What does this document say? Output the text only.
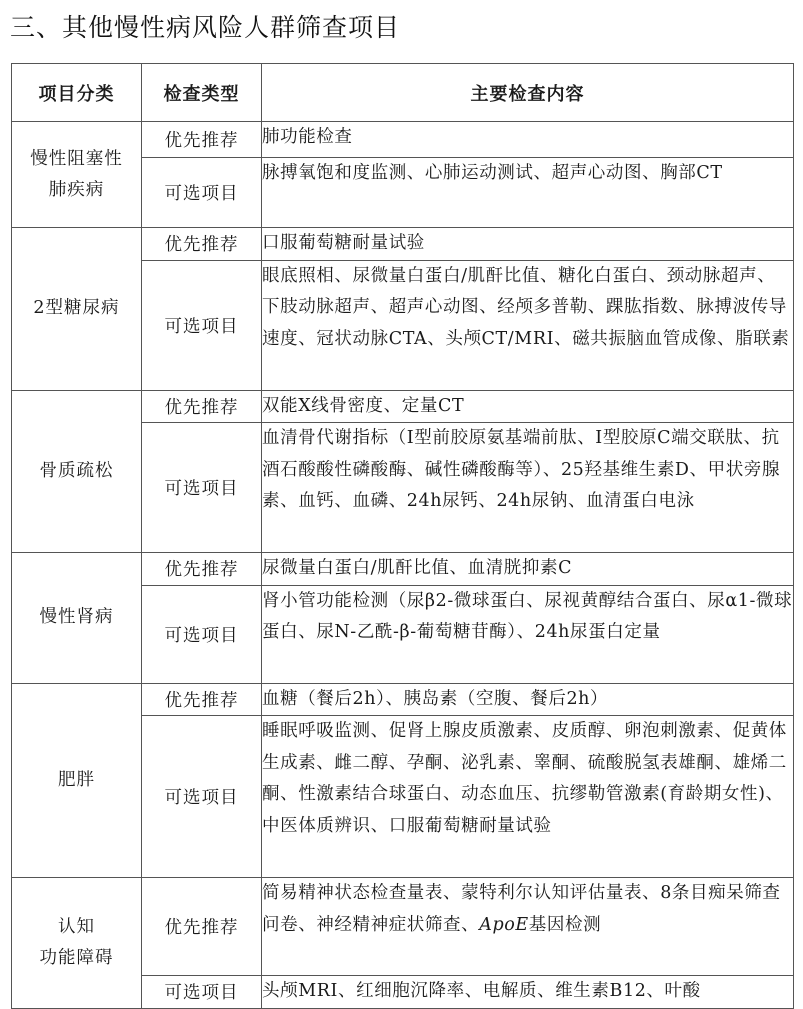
三、其他慢性病风险人群筛查项目
项目分类	检查类型	主要检查内容

慢性阻塞性
肺疾病	优先推荐	肺功能检查
	可选项目	脉搏氧饱和度监测、心肺运动测试、超声心动图、胸部CT

2型糖尿病	优先推荐	口服葡萄糖耐量试验
	可选项目	眼底照相、尿微量白蛋白/肌酐比值、糖化白蛋白、颈动脉超声、下肢动脉超声、超声心动图、经颅多普勒、踝肱指数、脉搏波传导速度、冠状动脉CTA、头颅CT/MRI、磁共振脑血管成像、脂联素

骨质疏松	优先推荐	双能X线骨密度、定量CT
	可选项目	血清骨代谢指标（I型前胶原氨基端前肽、I型胶原C端交联肽、抗酒石酸酸性磷酸酶、碱性磷酸酶等）、25羟基维生素D、甲状旁腺素、血钙、血磷、24h尿钙、24h尿钠、血清蛋白电泳

慢性肾病	优先推荐	尿微量白蛋白/肌酐比值、血清胱抑素C
	可选项目	肾小管功能检测（尿β2-微球蛋白、尿视黄醇结合蛋白、尿α1-微球蛋白、尿N-乙酰-β-葡萄糖苷酶）、24h尿蛋白定量

肥胖	优先推荐	血糖（餐后2h）、胰岛素（空腹、餐后2h）
	可选项目	睡眠呼吸监测、促肾上腺皮质激素、皮质醇、卵泡刺激素、促黄体生成素、雌二醇、孕酮、泌乳素、睾酮、硫酸脱氢表雄酮、雄烯二酮、性激素结合球蛋白、动态血压、抗缪勒管激素(育龄期女性)、中医体质辨识、口服葡萄糖耐量试验

认知
功能障碍	优先推荐	简易精神状态检查量表、蒙特利尔认知评估量表、8条目痴呆筛查问卷、神经精神症状筛查、ApoE基因检测
	可选项目	头颅MRI、红细胞沉降率、电解质、维生素B12、叶酸
